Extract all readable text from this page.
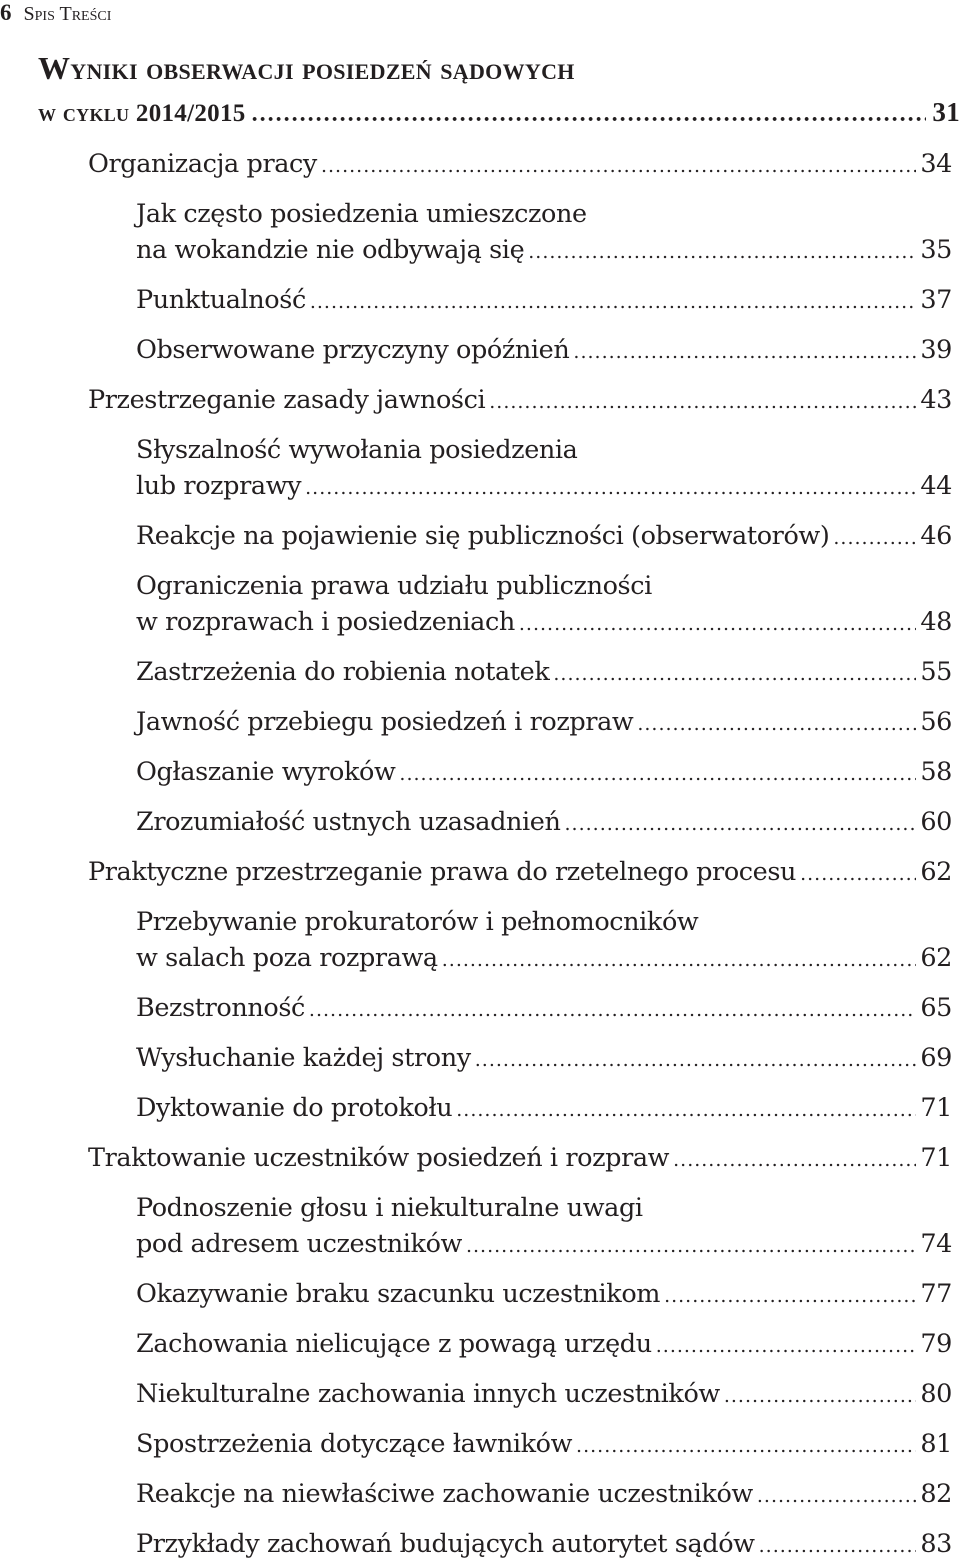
6 Spis Treści
Wyniki obserwacji posiedzeń sądowych
w cyklu 2014/2015 .....	31
Organizacja pracy .....	34
Jak często posiedzenia umieszczone
na wokandzie nie odbywają się .....	35
Punktualność .....	37
Obserwowane przyczyny opóźnień .....	39
Przestrzeganie zasady jawności .....	43
Słyszalność wywołania posiedzenia
lub rozprawy .....	44
Reakcje na pojawienie się publiczności (obserwatorów) .....	46
Ograniczenia prawa udziału publiczności
w rozprawach i posiedzeniach .....	48
Zastrzeżenia do robienia notatek .....	55
Jawność przebiegu posiedzeń i rozpraw .....	56
Ogłaszanie wyroków .....	58
Zrozumiałość ustnych uzasadnień .....	60
Praktyczne przestrzeganie prawa do rzetelnego procesu .....	62
Przebywanie prokuratorów i pełnomocników
w salach poza rozprawą .....	62
Bezstronność .....	65
Wysłuchanie każdej strony .....	69
Dyktowanie do protokołu .....	71
Traktowanie uczestników posiedzeń i rozpraw .....	71
Podnoszenie głosu i niekulturalne uwagi
pod adresem uczestników .....	74
Okazywanie braku szacunku uczestnikom .....	77
Zachowania nielicujące z powagą urzędu .....	79
Niekulturalne zachowania innych uczestników .....	80
Spostrzeżenia dotyczące ławników .....	81
Reakcje na niewłaściwe zachowanie uczestników .....	82
Przykłady zachowań budujących autorytet sądów .....	83
